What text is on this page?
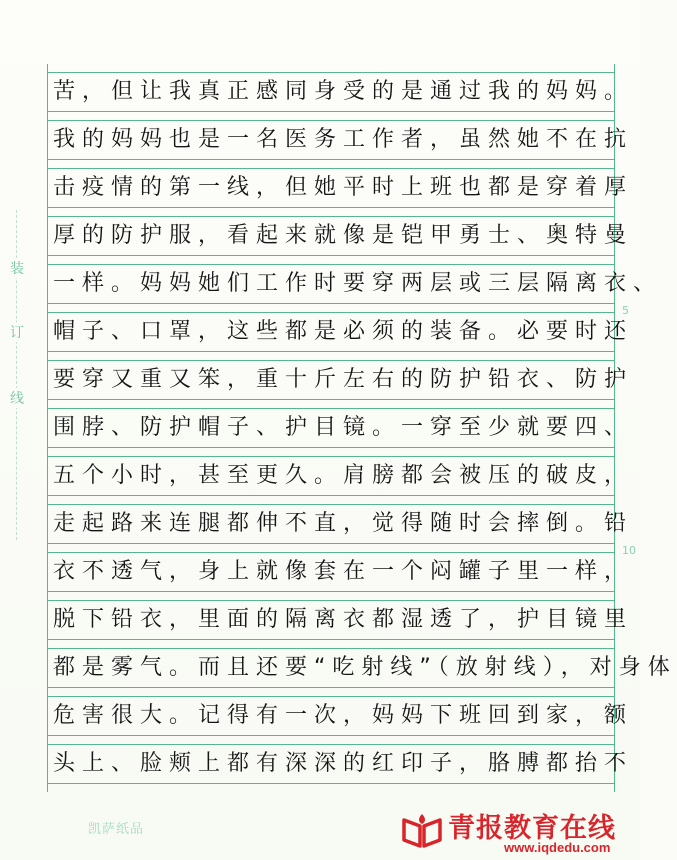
装
订
线
苦，但让我真正感同身受的是通过我的妈妈。
我的妈妈也是一名医务工作者，虽然她不在抗
击疫情的第一线，但她平时上班也都是穿着厚
厚的防护服，看起来就像是铠甲勇士、奥特曼
一样。妈妈她们工作时要穿两层或三层隔离衣、
帽子、口罩，这些都是必须的装备。必要时还
要穿又重又笨，重十斤左右的防护铅衣、防护
围脖、防护帽子、护目镜。一穿至少就要四、
五个小时，甚至更久。肩膀都会被压的破皮，
走起路来连腿都伸不直，觉得随时会摔倒。铅
衣不透气，身上就像套在一个闷罐子里一样，
脱下铅衣，里面的隔离衣都湿透了，护目镜里
都是雾气。而且还要“吃射线”（放射线），对身体
危害很大。记得有一次，妈妈下班回到家，额
头上、脸颊上都有深深的红印子，胳膊都抬不
5
10
凯萨纸品	青报教育在线
www.iqdedu.com
